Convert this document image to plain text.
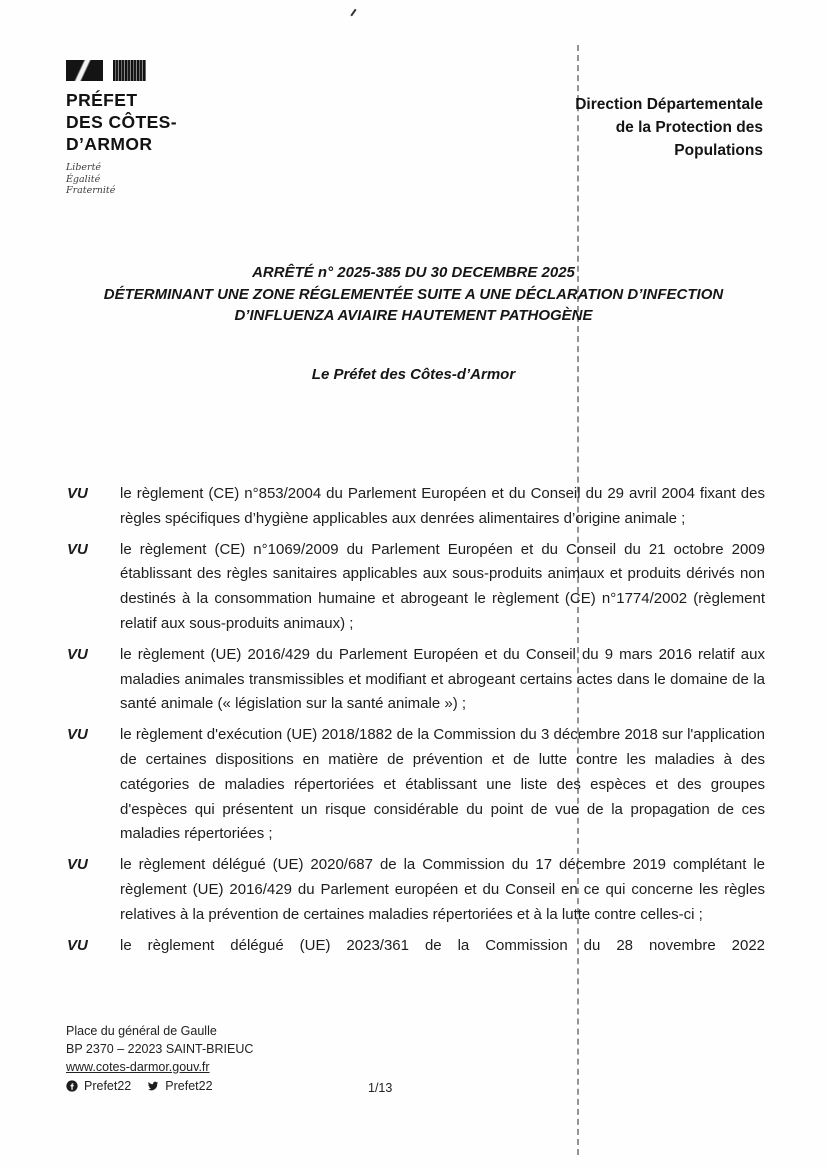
PRÉFET
DES CÔTES-
D’ARMOR
Liberté
Égalité
Fraternité
Direction Départementale
de la Protection des
Populations
ARRÊTÉ n° 2025-385 DU 30 DECEMBRE 2025
DÉTERMINANT UNE ZONE RÉGLEMENTÉE SUITE A UNE DÉCLARATION D’INFECTION
D’INFLUENZA AVIAIRE HAUTEMENT PATHOGÈNE
Le Préfet des Côtes-d’Armor
VU	le règlement (CE) n°853/2004 du Parlement Européen et du Conseil du 29 avril 2004 fixant des règles spécifiques d’hygiène applicables aux denrées alimentaires d’origine animale ;

VU	le règlement (CE) n°1069/2009 du Parlement Européen et du Conseil du 21 octobre 2009 établissant des règles sanitaires applicables aux sous-produits animaux et produits dérivés non destinés à la consommation humaine et abrogeant le règlement (CE) n°1774/2002 (règlement relatif aux sous-produits animaux) ;

VU	le règlement (UE) 2016/429 du Parlement Européen et du Conseil du 9 mars 2016 relatif aux maladies animales transmissibles et modifiant et abrogeant certains actes dans le domaine de la santé animale (« législation sur la santé animale ») ;

VU	le règlement d'exécution (UE) 2018/1882 de la Commission du 3 décembre 2018 sur l'application de certaines dispositions en matière de prévention et de lutte contre les maladies à des catégories de maladies répertoriées et établissant une liste des espèces et des groupes d'espèces qui présentent un risque considérable du point de vue de la propagation de ces maladies répertoriées ;

VU	le règlement délégué (UE) 2020/687 de la Commission du 17 décembre 2019 complétant le règlement (UE) 2016/429 du Parlement européen et du Conseil en ce qui concerne les règles relatives à la prévention de certaines maladies répertoriées et à la lutte contre celles-ci ;

VU	le règlement délégué (UE) 2023/361 de la Commission du 28 novembre 2022

Place du général de Gaulle
BP 2370 – 22023 SAINT-BRIEUC
www.cotes-darmor.gouv.fr
Prefet22	Prefet22	1/13
